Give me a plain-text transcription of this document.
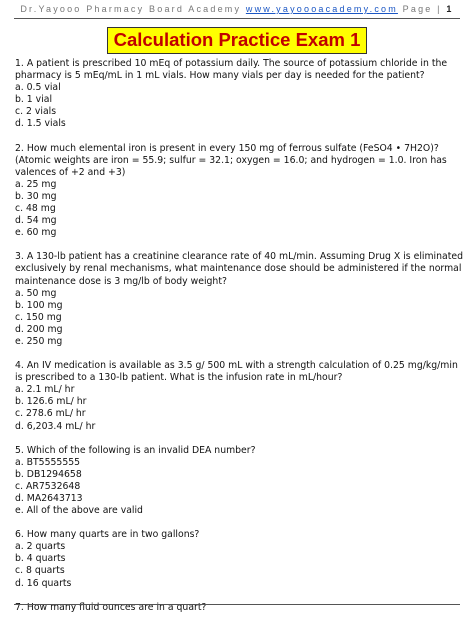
Dr.Yayooo Pharmacy Board Academy www.yayoooacademy.com Page | 1
Calculation Practice Exam 1
1. A patient is prescribed 10 mEq of potassium daily. The source of potassium chloride in the pharmacy is 5 mEq/mL in 1 mL vials. How many vials per day is needed for the patient?
a. 0.5 vial
b. 1 vial
c. 2 vials
d. 1.5 vials
2. How much elemental iron is present in every 150 mg of ferrous sulfate (FeSO4 • 7H2O)? (Atomic weights are iron = 55.9; sulfur = 32.1; oxygen = 16.0; and hydrogen = 1.0. Iron has valences of +2 and +3)
a. 25 mg
b. 30 mg
c. 48 mg
d. 54 mg
e. 60 mg
3. A 130-lb patient has a creatinine clearance rate of 40 mL/min. Assuming Drug X is eliminated exclusively by renal mechanisms, what maintenance dose should be administered if the normal maintenance dose is 3 mg/lb of body weight?
a. 50 mg
b. 100 mg
c. 150 mg
d. 200 mg
e. 250 mg
4. An IV medication is available as 3.5 g/ 500 mL with a strength calculation of 0.25 mg/kg/min is prescribed to a 130-lb patient. What is the infusion rate in mL/hour?
a. 2.1 mL/ hr
b. 126.6 mL/ hr
c. 278.6 mL/ hr
d. 6,203.4 mL/ hr
5. Which of the following is an invalid DEA number?
a. BT5555555
b. DB1294658
c. AR7532648
d. MA2643713
e. All of the above are valid
6. How many quarts are in two gallons?
a. 2 quarts
b. 4 quarts
c. 8 quarts
d. 16 quarts
7. How many fluid ounces are in a quart?
